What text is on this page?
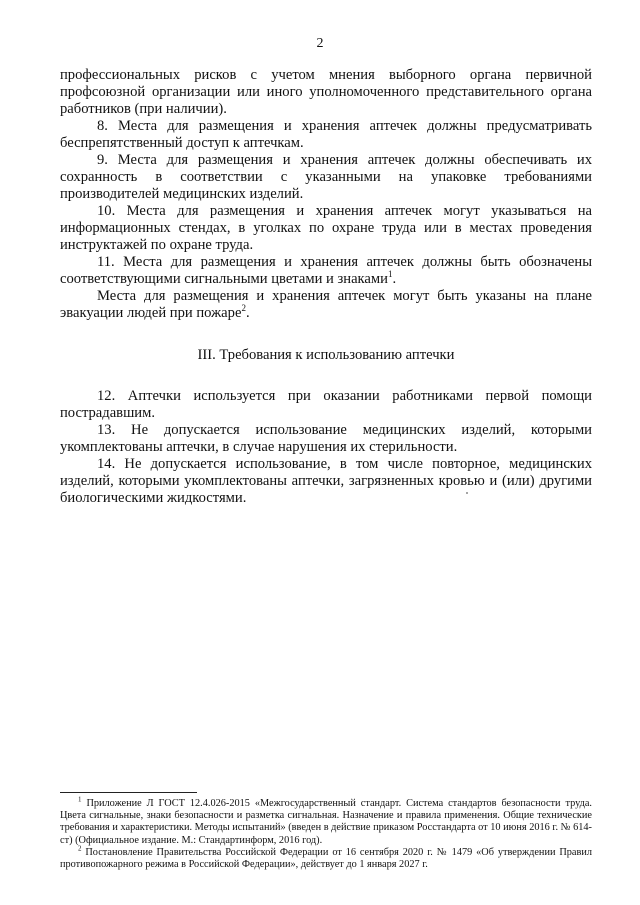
2

профессиональных рисков с учетом мнения выборного органа первичной профсоюзной организации или иного уполномоченного представительного органа работников (при наличии).

8. Места для размещения и хранения аптечек должны предусматривать беспрепятственный доступ к аптечкам.

9. Места для размещения и хранения аптечек должны обеспечивать их сохранность в соответствии с указанными на упаковке требованиями производителей медицинских изделий.

10. Места для размещения и хранения аптечек могут указываться на информационных стендах, в уголках по охране труда или в местах проведения инструктажей по охране труда.

11. Места для размещения и хранения аптечек должны быть обозначены соответствующими сигнальными цветами и знаками$^1$.

Места для размещения и хранения аптечек могут быть указаны на плане эвакуации людей при пожаре$^2$.

III. Требования к использованию аптечки

12. Аптечки используется при оказании работниками первой помощи пострадавшим.

13. Не допускается использование медицинских изделий, которыми укомплектованы аптечки, в случае нарушения их стерильности.

14. Не допускается использование, в том числе повторное, медицинских изделий, которыми укомплектованы аптечки, загрязненных кровью и (или) другими биологическими жидкостями.

$^1$ Приложение Л ГОСТ 12.4.026-2015 «Межгосударственный стандарт. Система стандартов безопасности труда. Цвета сигнальные, знаки безопасности и разметка сигнальная. Назначение и правила применения. Общие технические требования и характеристики. Методы испытаний» (введен в действие приказом Росстандарта от 10 июня 2016 г. № 614-ст) (Официальное издание. М.: Стандартинформ, 2016 год).

$^2$ Постановление Правительства Российской Федерации от 16 сентября 2020 г. № 1479 «Об утверждении Правил противопожарного режима в Российской Федерации», действует до 1 января 2027 г.
